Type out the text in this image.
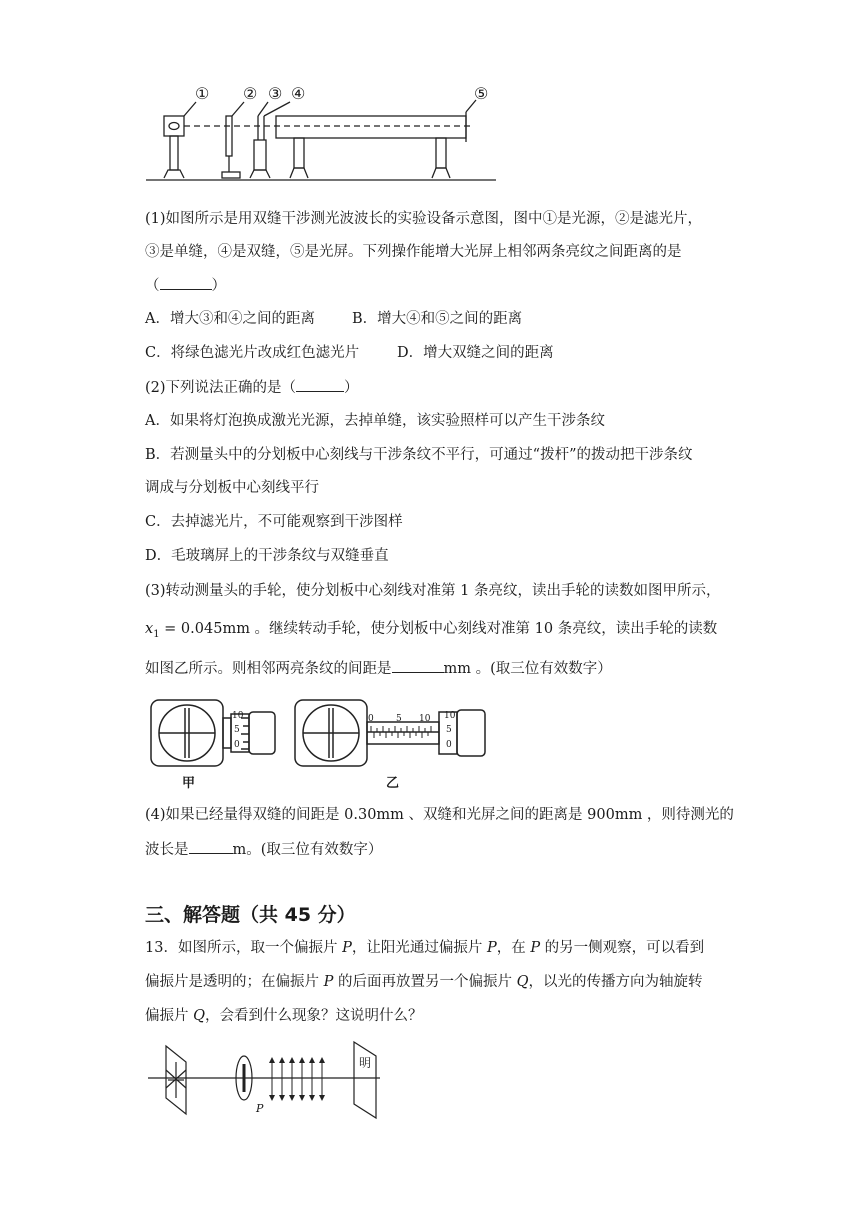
① ② ③ ④	⑤
(1)如图所示是用双缝干涉测光波波长的实验设备示意图，图中①是光源，②是滤光片，
③是单缝，④是双缝，⑤是光屏。下列操作能增大光屏上相邻两条亮纹之间距离的是
（	）
A．增大③和④之间的距离	B．增大④和⑤之间的距离
C．将绿色滤光片改成红色滤光片	D．增大双缝之间的距离
(2)下列说法正确的是（	）
A．如果将灯泡换成激光光源，去掉单缝，该实验照样可以产生干涉条纹
B．若测量头中的分划板中心刻线与干涉条纹不平行，可通过“拨杆”的拨动把干涉条纹
调成与分划板中心刻线平行
C．去掉滤光片，不可能观察到干涉图样
D．毛玻璃屏上的干涉条纹与双缝垂直
(3)转动测量头的手轮，使分划板中心刻线对准第 1 条亮纹，读出手轮的读数如图甲所示，
$x_1 = 0.045mm$ 。继续转动手轮，使分划板中心刻线对准第 10 条亮纹，读出手轮的读数
如图乙所示。则相邻两亮条纹的间距是	mm 。(取三位有效数字）
10
5
0
0 5 10 10
5
0
甲	乙
(4)如果已经量得双缝的间距是 0.30mm 、双缝和光屏之间的距离是 900mm ，则待测光的
波长是	m。(取三位有效数字）
三、解答题（共 45 分）
13．如图所示，取一个偏振片 P，让阳光通过偏振片 P，在 P 的另一侧观察，可以看到
偏振片是透明的；在偏振片 P 的后面再放置另一个偏振片 Q，以光的传播方向为轴旋转
偏振片 Q，会看到什么现象？这说明什么？
P
明
